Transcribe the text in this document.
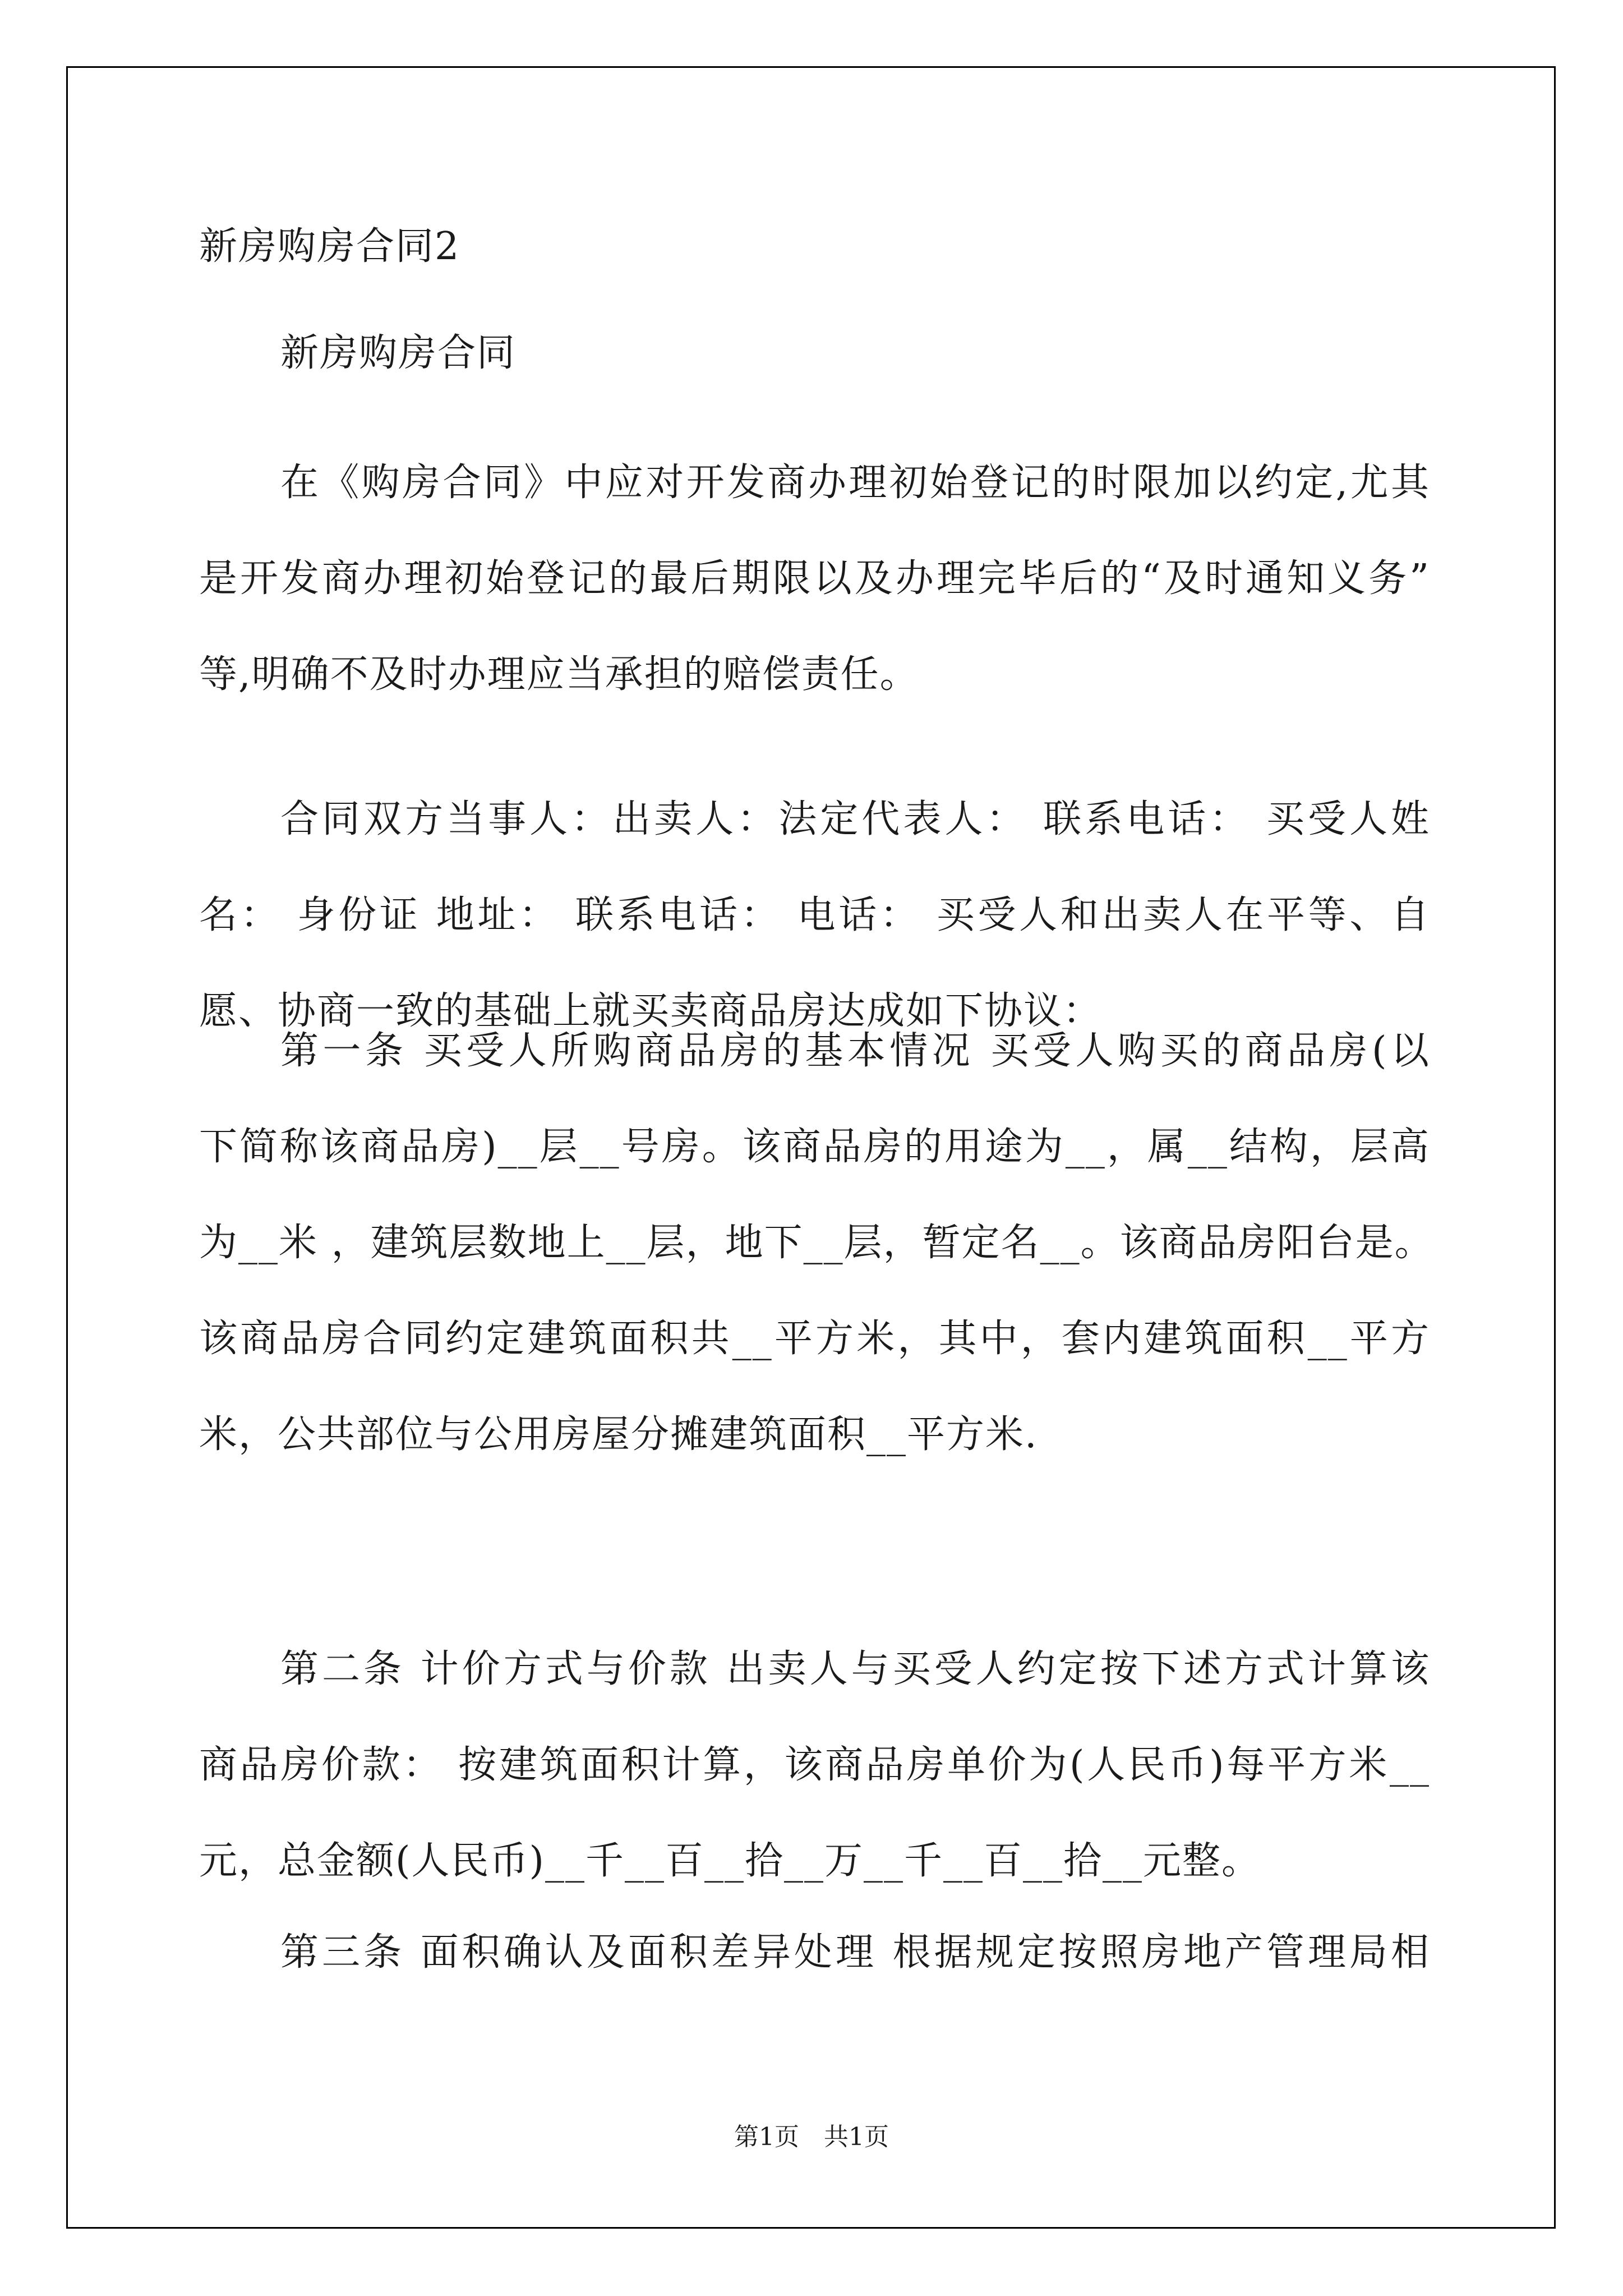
新房购房合同2
新房购房合同
在《购房合同》中应对开发商办理初始登记的时限加以约定,尤其
是开发商办理初始登记的最后期限以及办理完毕后的“及时通知义务”
等,明确不及时办理应当承担的赔偿责任。
合同双方当事人：出卖人：法定代表人： 联系电话： 买受人姓
名： 身份证 地址： 联系电话： 电话： 买受人和出卖人在平等、自
愿、协商一致的基础上就买卖商品房达成如下协议：
第一条 买受人所购商品房的基本情况 买受人购买的商品房(以
下简称该商品房)__层__号房。该商品房的用途为__，属__结构，层高
为__米 ，建筑层数地上__层，地下__层，暂定名__。该商品房阳台是。
该商品房合同约定建筑面积共__平方米，其中，套内建筑面积__平方
米，公共部位与公用房屋分摊建筑面积__平方米.
第二条 计价方式与价款 出卖人与买受人约定按下述方式计算该
商品房价款： 按建筑面积计算，该商品房单价为(人民币)每平方米__
元，总金额(人民币)__千__百__拾__万__千__百__拾__元整。
第三条 面积确认及面积差异处理 根据规定按照房地产管理局相
第1页　共1页
